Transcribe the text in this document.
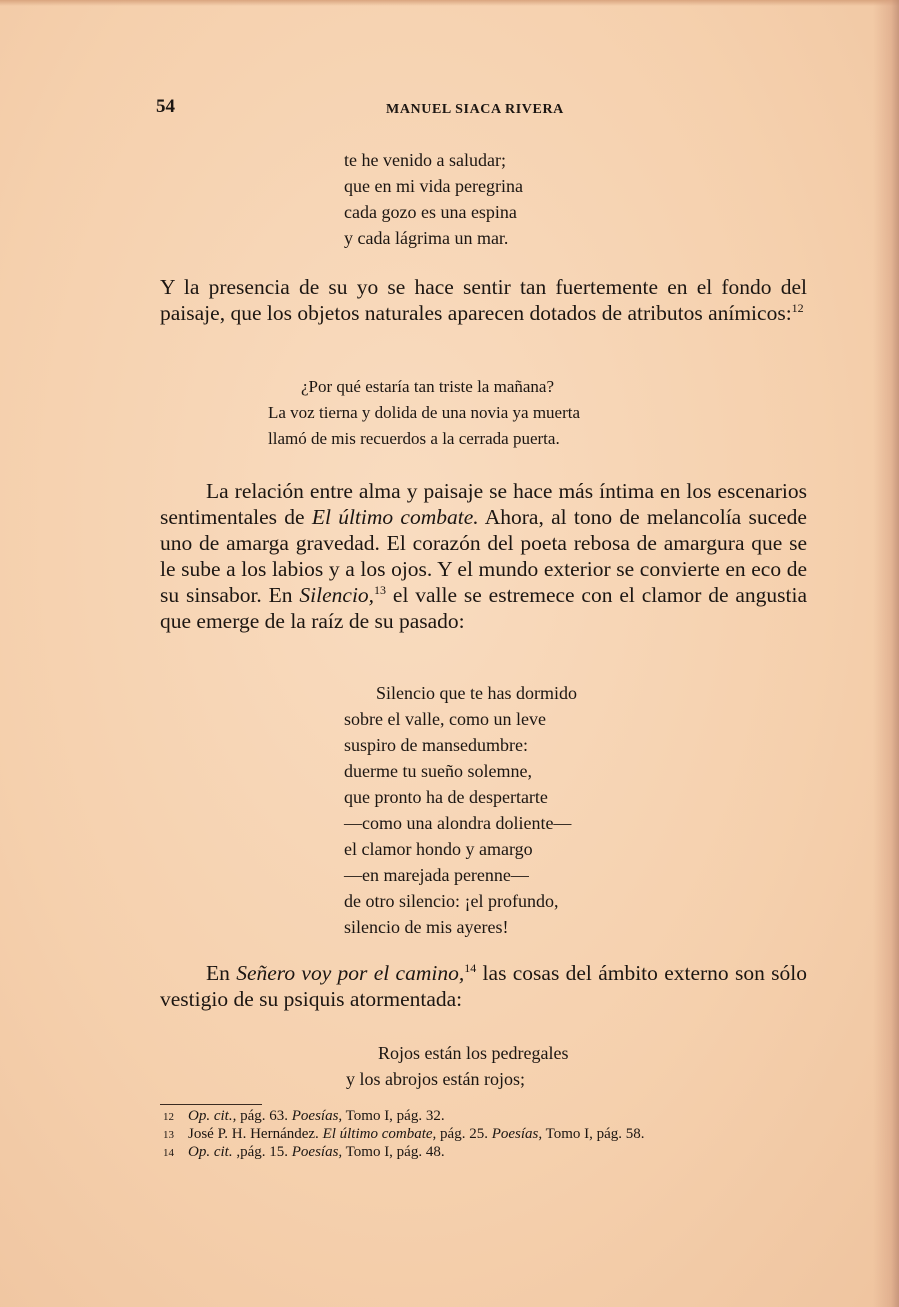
54	MANUEL SIACA RIVERA
te he venido a saludar;
que en mi vida peregrina
cada gozo es una espina
y cada lágrima un mar.

Y la presencia de su yo se hace sentir tan fuertemente en el fondo del paisaje, que los objetos naturales aparecen dotados de atributos anímicos:$^{12}$

¿Por qué estaría tan triste la mañana?
La voz tierna y dolida de una novia ya muerta
llamó de mis recuerdos a la cerrada puerta.

La relación entre alma y paisaje se hace más íntima en los escenarios sentimentales de El último combate. Ahora, al tono de melancolía sucede uno de amarga gravedad. El corazón del poeta rebosa de amargura que se le sube a los labios y a los ojos. Y el mundo exterior se convierte en eco de su sinsabor. En Silencio,$^{13}$ el valle se estremece con el clamor de angustia que emerge de la raíz de su pasado:

Silencio que te has dormido
sobre el valle, como un leve
suspiro de mansedumbre:
duerme tu sueño solemne,
que pronto ha de despertarte
—como una alondra doliente—
el clamor hondo y amargo
—en marejada perenne—
de otro silencio: ¡el profundo,
silencio de mis ayeres!

En Señero voy por el camino,$^{14}$ las cosas del ámbito externo son sólo vestigio de su psiquis atormentada:

Rojos están los pedregales
y los abrojos están rojos;
12 Op. cit., pág. 63. Poesías, Tomo I, pág. 32.
13 José P. H. Hernández. El último combate, pág. 25. Poesías, Tomo I, pág. 58.
14 Op. cit. ,pág. 15. Poesías, Tomo I, pág. 48.
